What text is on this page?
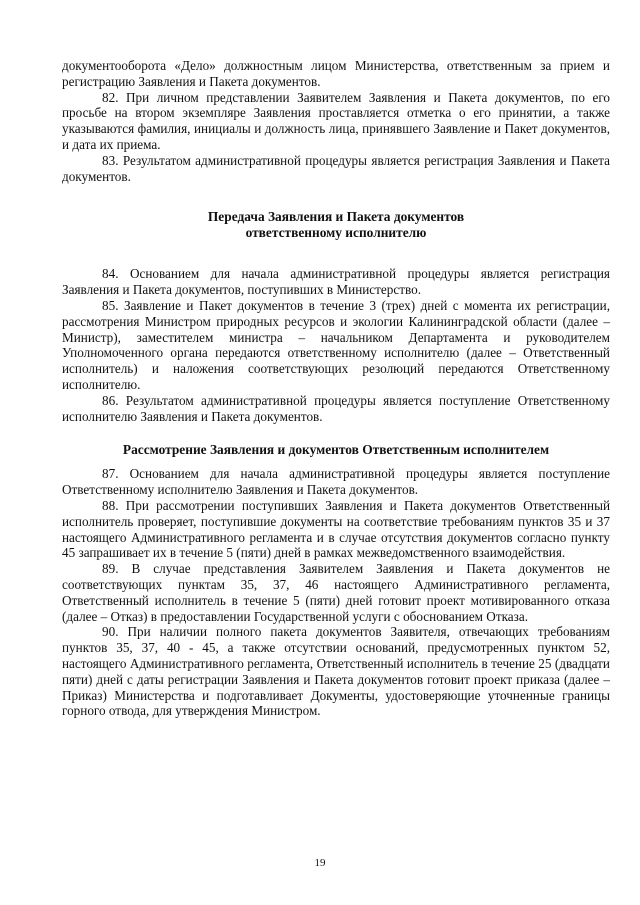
документооборота «Дело» должностным лицом Министерства, ответственным за прием и регистрацию Заявления и Пакета документов.

82. При личном представлении Заявителем Заявления и Пакета документов, по его просьбе на втором экземпляре Заявления проставляется отметка о его принятии, а также указываются фамилия, инициалы и должность лица, принявшего Заявление и Пакет документов, и дата их приема.

83. Результатом административной процедуры является регистрация Заявления и Пакета документов.

Передача Заявления и Пакета документов
ответственному исполнителю

84. Основанием для начала административной процедуры является регистрация Заявления и Пакета документов, поступивших в Министерство.

85. Заявление и Пакет документов в течение 3 (трех) дней с момента их регистрации, рассмотрения Министром природных ресурсов и экологии Калининградской области (далее – Министр), заместителем министра – начальником Департамента и руководителем Уполномоченного органа передаются ответственному исполнителю (далее – Ответственный исполнитель) и наложения соответствующих резолюций передаются Ответственному исполнителю.

86. Результатом административной процедуры является поступление Ответственному исполнителю Заявления и Пакета документов.

Рассмотрение Заявления и документов Ответственным исполнителем

87. Основанием для начала административной процедуры является поступление Ответственному исполнителю Заявления и Пакета документов.

88. При рассмотрении поступивших Заявления и Пакета документов Ответственный исполнитель проверяет, поступившие документы на соответствие требованиям пунктов 35 и 37 настоящего Административного регламента и в случае отсутствия документов согласно пункту 45 запрашивает их в течение 5 (пяти) дней в рамках межведомственного взаимодействия.

89. В случае представления Заявителем Заявления и Пакета документов не соответствующих пунктам 35, 37, 46 настоящего Административного регламента, Ответственный исполнитель в течение 5 (пяти) дней готовит проект мотивированного отказа (далее – Отказ) в предоставлении Государственной услуги с обоснованием Отказа.

90. При наличии полного пакета документов Заявителя, отвечающих требованиям пунктов 35, 37, 40 - 45, а также отсутствии оснований, предусмотренных пунктом 52, настоящего Административного регламента, Ответственный исполнитель в течение 25 (двадцати пяти) дней с даты регистрации Заявления и Пакета документов готовит проект приказа (далее – Приказ) Министерства и подготавливает Документы, удостоверяющие уточненные границы горного отвода, для утверждения Министром.

19
